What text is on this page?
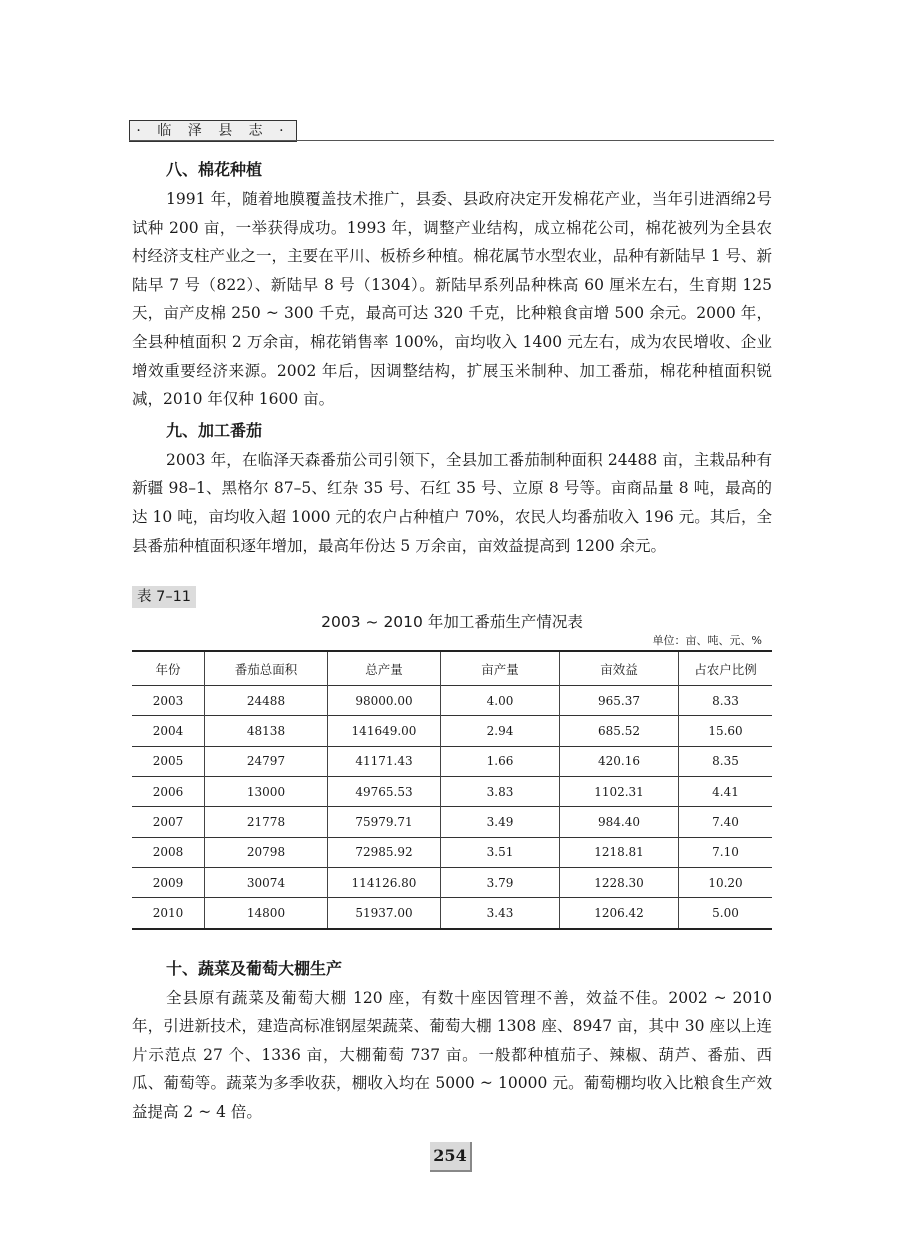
· 临 泽 县 志 ·
八、棉花种植

1991 年，随着地膜覆盖技术推广，县委、县政府决定开发棉花产业，当年引进酒绵2号试种 200 亩，一举获得成功。1993 年，调整产业结构，成立棉花公司，棉花被列为全县农村经济支柱产业之一，主要在平川、板桥乡种植。棉花属节水型农业，品种有新陆早 1 号、新陆早 7 号（822）、新陆早 8 号（1304）。新陆早系列品种株高 60 厘米左右，生育期 125 天，亩产皮棉 250 ~ 300 千克，最高可达 320 千克，比种粮食亩增 500 余元。2000 年，全县种植面积 2 万余亩，棉花销售率 100%，亩均收入 1400 元左右，成为农民增收、企业增效重要经济来源。2002 年后，因调整结构，扩展玉米制种、加工番茄，棉花种植面积锐减，2010 年仅种 1600 亩。

九、加工番茄

2003 年，在临泽天森番茄公司引领下，全县加工番茄制种面积 24488 亩，主栽品种有新疆 98–1、黑格尔 87–5、红杂 35 号、石红 35 号、立原 8 号等。亩商品量 8 吨，最高的达 10 吨，亩均收入超 1000 元的农户占种植户 70%，农民人均番茄收入 196 元。其后，全县番茄种植面积逐年增加，最高年份达 5 万余亩，亩效益提高到 1200 余元。

表 7–11
2003 ~ 2010 年加工番茄生产情况表
单位：亩、吨、元、%
年份	番茄总面积	总产量	亩产量	亩效益	占农户比例
2003	24488	98000.00	4.00	965.37	8.33
2004	48138	141649.00	2.94	685.52	15.60
2005	24797	41171.43	1.66	420.16	8.35
2006	13000	49765.53	3.83	1102.31	4.41
2007	21778	75979.71	3.49	984.40	7.40
2008	20798	72985.92	3.51	1218.81	7.10
2009	30074	114126.80	3.79	1228.30	10.20
2010	14800	51937.00	3.43	1206.42	5.00
十、蔬菜及葡萄大棚生产

全县原有蔬菜及葡萄大棚 120 座，有数十座因管理不善，效益不佳。2002 ~ 2010 年，引进新技术，建造高标准钢屋架蔬菜、葡萄大棚 1308 座、8947 亩，其中 30 座以上连片示范点 27 个、1336 亩，大棚葡萄 737 亩。一般都种植茄子、辣椒、葫芦、番茄、西瓜、葡萄等。蔬菜为多季收获，棚收入均在 5000 ~ 10000 元。葡萄棚均收入比粮食生产效益提高 2 ~ 4 倍。

254
